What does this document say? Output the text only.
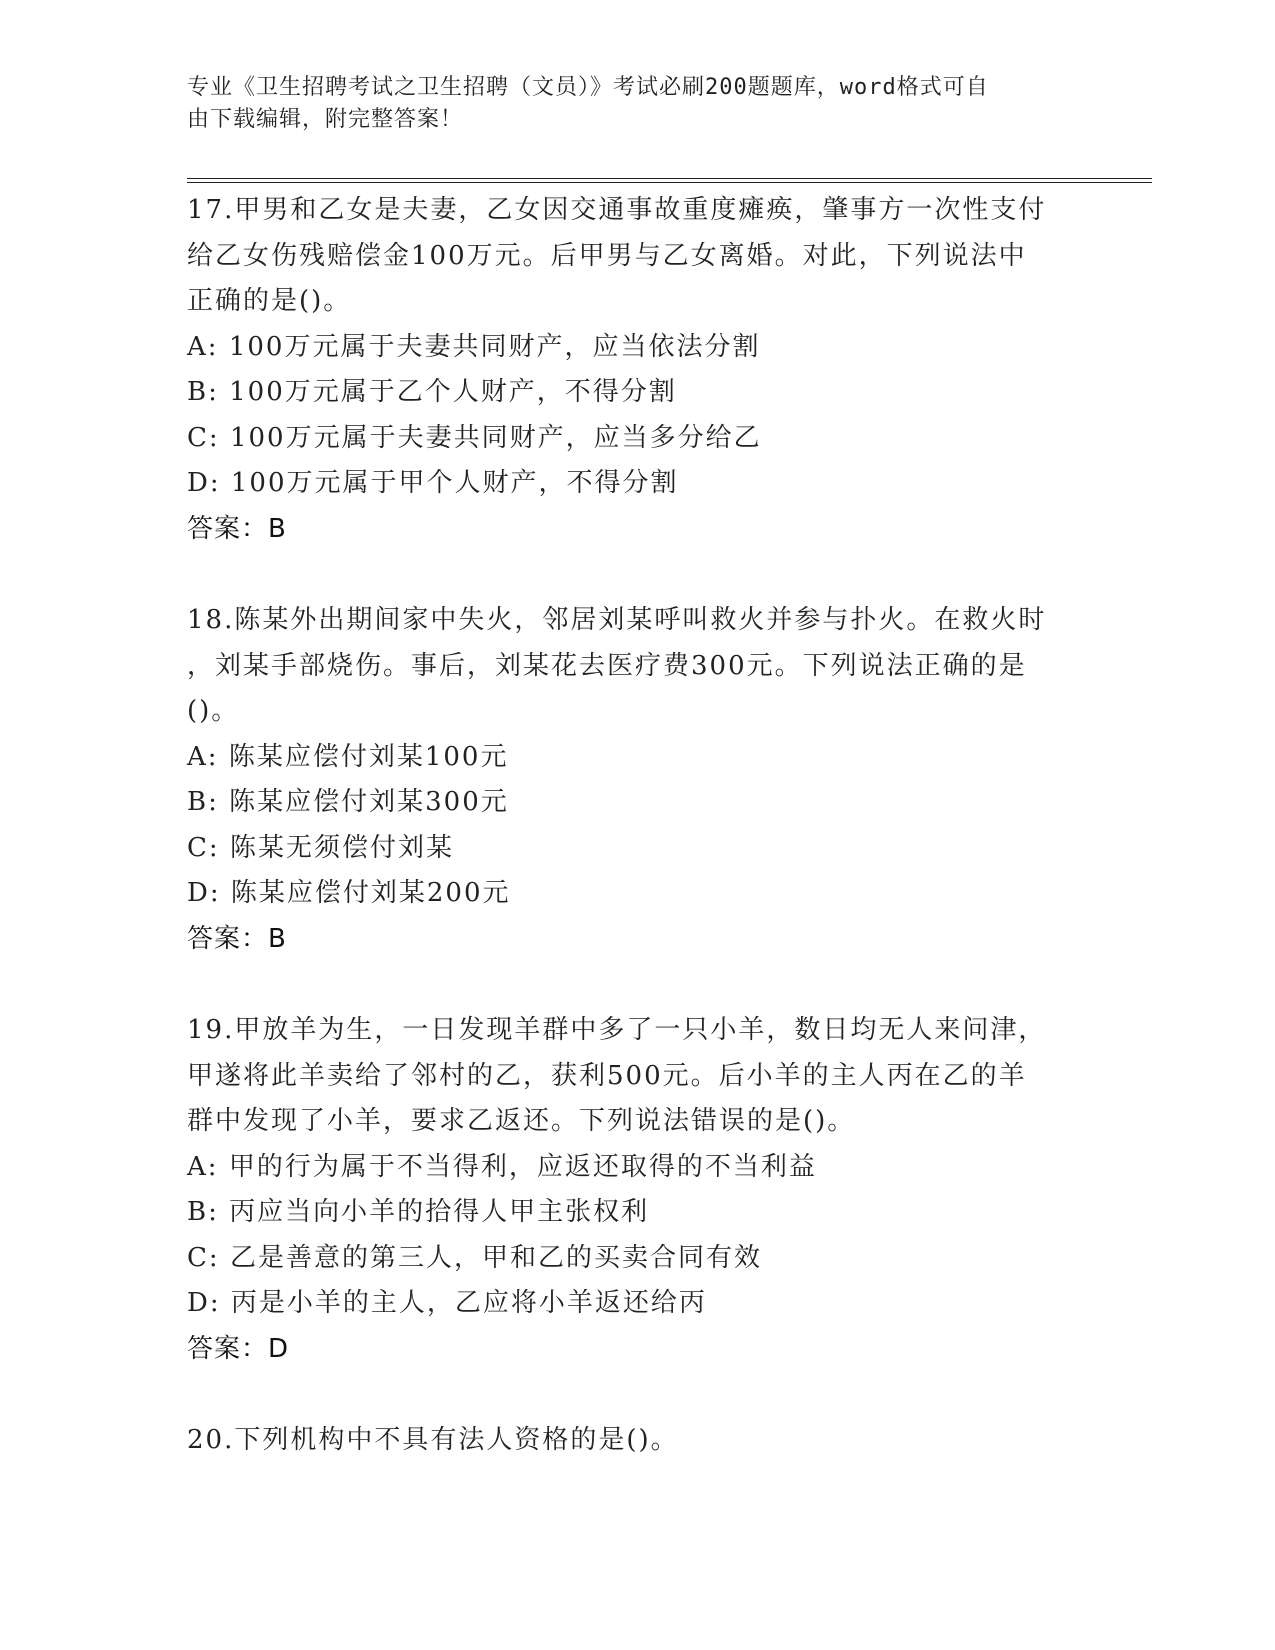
专业《卫生招聘考试之卫生招聘（文员）》考试必刷200题题库，word格式可自
由下载编辑，附完整答案！
17.甲男和乙女是夫妻，乙女因交通事故重度瘫痪，肇事方一次性支付
给乙女伤残赔偿金100万元。后甲男与乙女离婚。对此，下列说法中
正确的是()。
A: 100万元属于夫妻共同财产，应当依法分割
B: 100万元属于乙个人财产，不得分割
C: 100万元属于夫妻共同财产，应当多分给乙
D: 100万元属于甲个人财产，不得分割
答案：B
18.陈某外出期间家中失火，邻居刘某呼叫救火并参与扑火。在救火时
，刘某手部烧伤。事后，刘某花去医疗费300元。下列说法正确的是
()。
A: 陈某应偿付刘某100元
B: 陈某应偿付刘某300元
C: 陈某无须偿付刘某
D: 陈某应偿付刘某200元
答案：B
19.甲放羊为生，一日发现羊群中多了一只小羊，数日均无人来问津，
甲遂将此羊卖给了邻村的乙，获利500元。后小羊的主人丙在乙的羊
群中发现了小羊，要求乙返还。下列说法错误的是()。
A: 甲的行为属于不当得利，应返还取得的不当利益
B: 丙应当向小羊的拾得人甲主张权利
C: 乙是善意的第三人，甲和乙的买卖合同有效
D: 丙是小羊的主人，乙应将小羊返还给丙
答案：D
20.下列机构中不具有法人资格的是()。
